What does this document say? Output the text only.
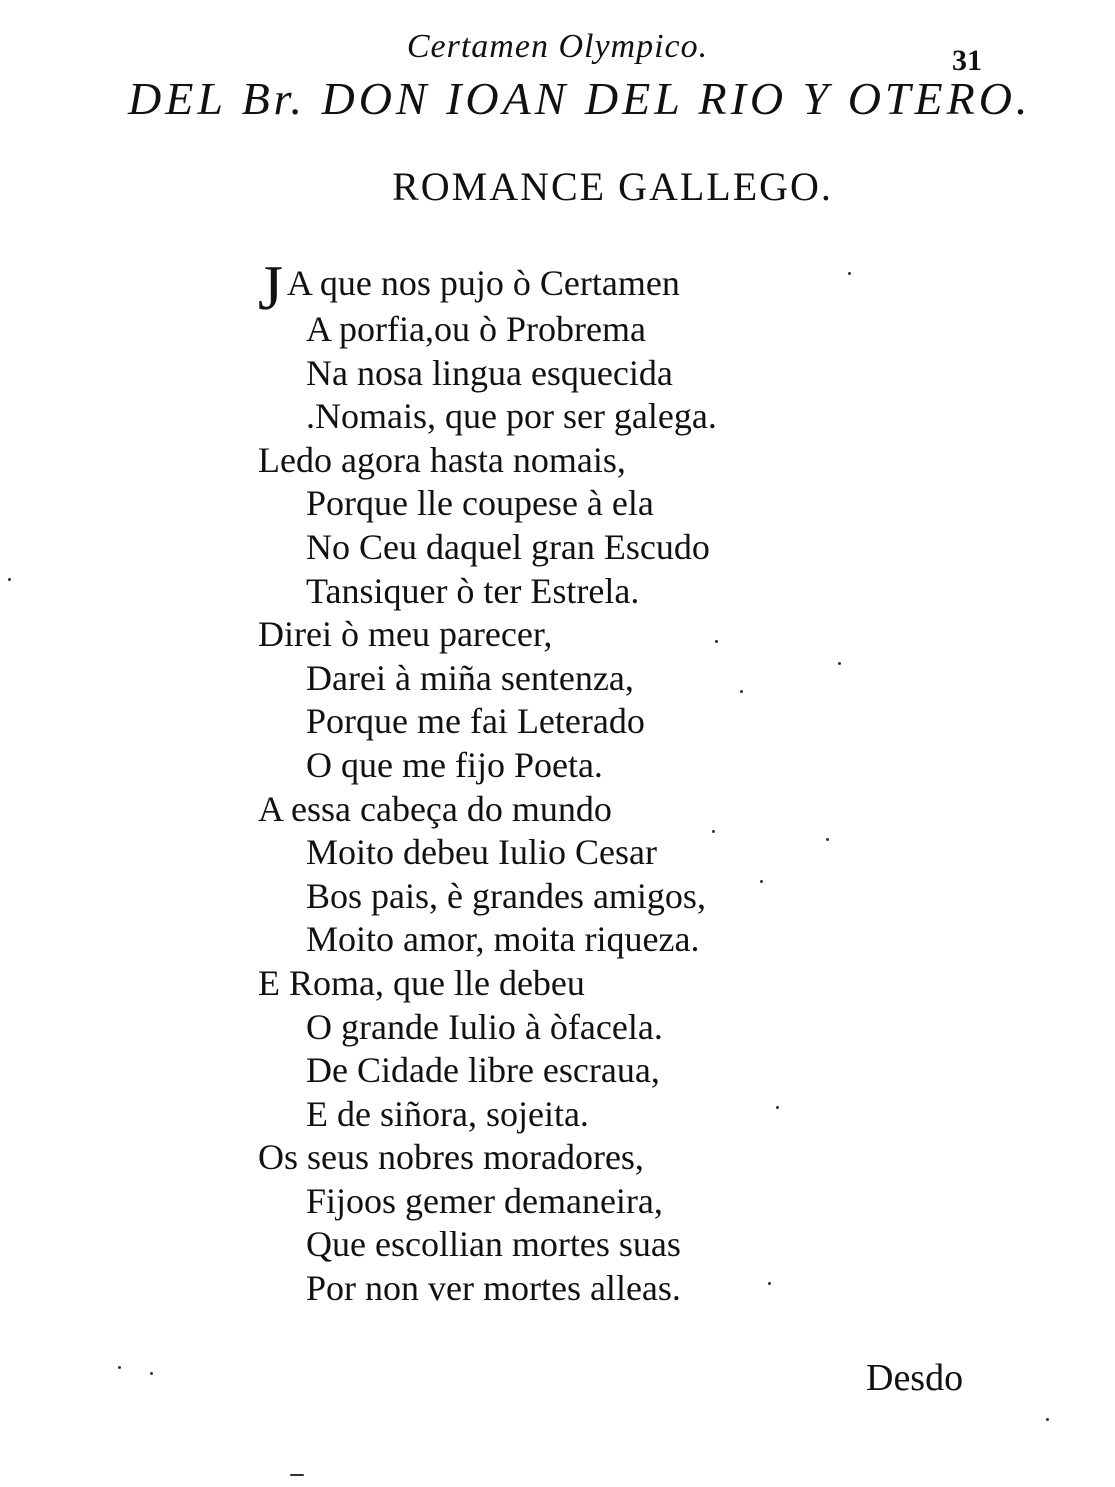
Certamen Olympico.	31
DEL Br. DON IOAN DEL RIO Y OTERO.
ROMANCE GALLEGO.
J A que nos pujo ò Certamen
A porfia,ou ò Probrema
Na nosa lingua esquecida
.Nomais, que por ser galega.
Ledo agora hasta nomais,
Porque lle coupese à ela
No Ceu daquel gran Escudo
Tansiquer ò ter Estrela.
Direi ò meu parecer,
Darei à miña sentenza,
Porque me fai Leterado
O que me fijo Poeta.
A essa cabeça do mundo
Moito debeu Iulio Cesar
Bos pais, è grandes amigos,
Moito amor, moita riqueza.
E Roma, que lle debeu
O grande Iulio à òfacela.
De Cidade libre escraua,
E de siñora, sojeita.
Os seus nobres moradores,
Fijoos gemer demaneira,
Que escollian mortes suas
Por non ver mortes alleas.
Desdo
